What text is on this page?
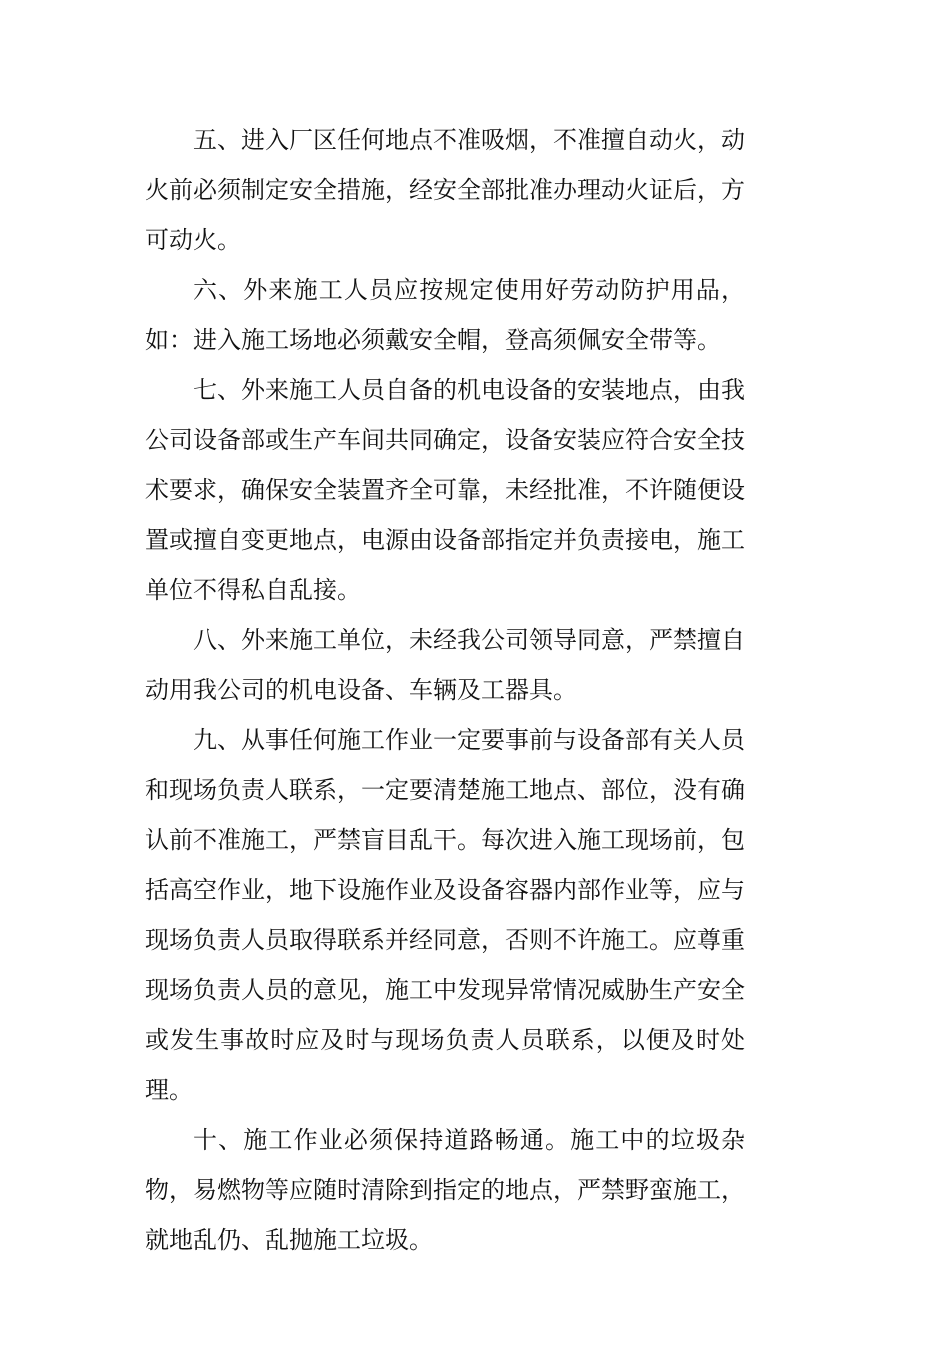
五、进入厂区任何地点不准吸烟，不准擅自动火，动火前必须制定安全措施，经安全部批准办理动火证后，方可动火。

六、外来施工人员应按规定使用好劳动防护用品，如：进入施工场地必须戴安全帽，登高须佩安全带等。

七、外来施工人员自备的机电设备的安装地点，由我公司设备部或生产车间共同确定，设备安装应符合安全技术要求，确保安全装置齐全可靠，未经批准，不许随便设置或擅自变更地点，电源由设备部指定并负责接电，施工单位不得私自乱接。

八、外来施工单位，未经我公司领导同意，严禁擅自动用我公司的机电设备、车辆及工器具。

九、从事任何施工作业一定要事前与设备部有关人员和现场负责人联系，一定要清楚施工地点、部位，没有确认前不准施工，严禁盲目乱干。每次进入施工现场前，包括高空作业，地下设施作业及设备容器内部作业等，应与现场负责人员取得联系并经同意，否则不许施工。应尊重现场负责人员的意见，施工中发现异常情况威胁生产安全或发生事故时应及时与现场负责人员联系，以便及时处理。

十、施工作业必须保持道路畅通。施工中的垃圾杂物，易燃物等应随时清除到指定的地点，严禁野蛮施工，就地乱仍、乱抛施工垃圾。
